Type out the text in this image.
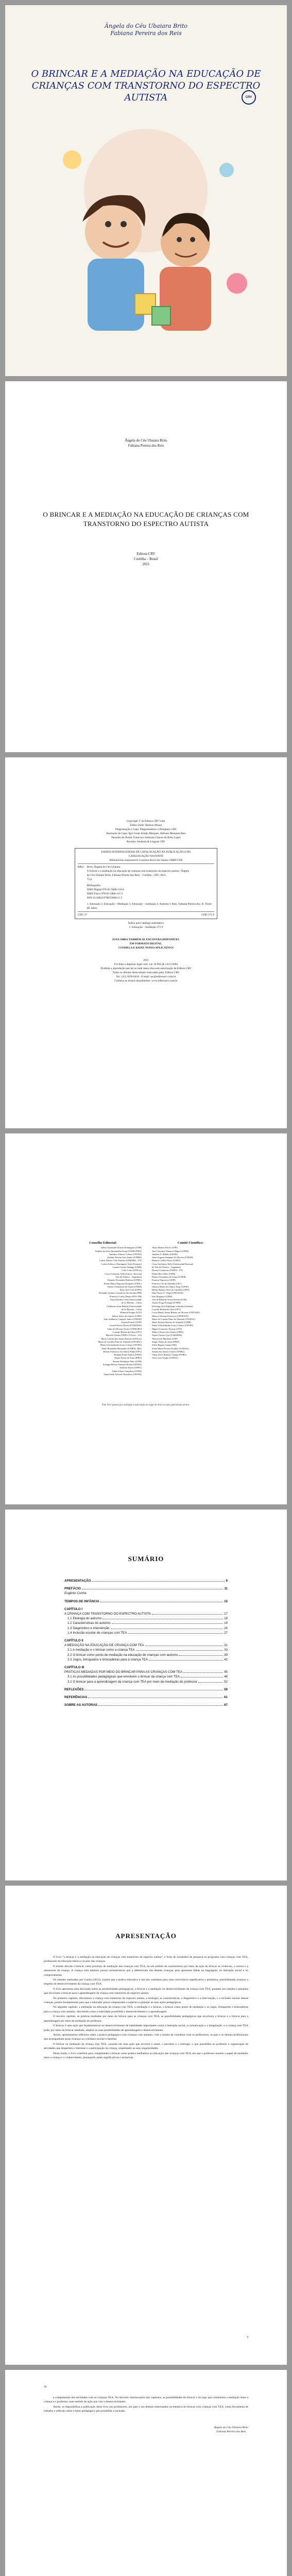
Ângela do Céu Ubaiara Brito
Fabiana Pereira dos Reis
O BRINCAR E A MEDIAÇÃO NA EDUCAÇÃO DE CRIANÇAS COM TRANSTORNO DO ESPECTRO AUTISTA	CRV
Ângela do Céu Ubaiara Brito
Fabiana Pereira dos Reis
O BRINCAR E A MEDIAÇÃO NA EDUCAÇÃO DE CRIANÇAS COM TRANSTORNO DO ESPECTRO AUTISTA
Editora CRV
Curitiba – Brasil
2021
Copyright © da Editora CRV Ltda.
Editor-chefe: Railson Moura
Diagramação e Capa: Diagramadores e Designers CRV
Ilustração da Capa: Igor Cesar Araújo Marques, Adriano Mesquita Reis
Desenho do Portal: Francisco Jarlisson Chaves de Brito Lopes
Revisão: Analista de Línguas CRV
DADOS INTERNACIONAIS DE CATALOGAÇÃO NA PUBLICAÇÃO (CIP)
CATALOGAÇÃO NA FONTE
Bibliotecária responsável: Luzenira Alves dos Santos CRB9/1506
B862 Brito, Ângela do Céu Ubaiara.
O brincar e a mediação na educação de crianças com transtorno do espectro autista / Ângela
do Céu Ubaiara Brito, Fabiana Pereira dos Reis – Curitiba : CRV, 2021.
72 p.
Bibliografia
ISBN Digital 978-65-5868-110-8
ISBN Físico 978-65-5868-111-5
DOI 10.24824/978655868111.5
1. Educação 2. Educação – Mediação 3. Educação – mediação 4. Autismo I. Reis, Fabiana Pereira dos. II. Título III. Série.
CDU 37	CDD 371.9
Índice para catálogo sistemático
1. Educação – mediação 371.9
ESTA OBRA TAMBÉM SE ENCONTRA DISPONÍVEL
EM FORMATO DIGITAL.
CONHEÇA E BAIXE NOSSO APLICATIVO!
2021
Foi feito o depósito legal conf. Lei 10.994 de 14/12/2004
Proibida a reprodução parcial ou total desta obra sem autorização da Editora CRV
Todos os direitos desta edição reservados pela: Editora CRV
Tel.: (41) 3039-6418 - E-mail: sac@editoracrv.com.br
Conheça os nossos lançamentos: www.editoracrv.com.br
Conselho Editorial:
Aldira Guimarães Duarte Domínguez (UNB)
Andréia da Silva Quintanilha Sousa (UNIR/UFRN)
Anselmo Alencar Colares (UFOPA)
Antônio Pereira Gaio Júnior (UFRRJ)
Carlos Alberto Vilar Estêvão (UMINHO – PT)
Carlos Federico Dominguez Avila (Unieuro)
Carmen Tereza Velanga (UNIR)
Celso Conti (UFSCar)
Cesar Gerônimo Tello (Univer .Nacional
Três de Febrero – Argentina)
Eduardo Fernandes Barbosa (UFMG)
Elione Maria Nogueira Diogenes (UFAL)
Elizeu Clementino de Souza (UNEB)
Élsio José Corá (UFFS)
Fernando Antônio Gonçalves Alcoforado (IPB)
Francisco Carlos Duarte (PUC-PR)
Gloria Fariñas León (Universidade
de La Havana – Cuba)
Guillermo Arias Beatón (Universidade
de La Havana – Cuba)
Helmuth Krüger (UCP)
Jailson Alves dos Santos (UFRJ)
João Adalberto Campato Junior (UNESP)
Josania Portela (UFPI)
Leonel Severo Rocha (UNISINOS)
Lídia de Oliveira Xavier (UNIEURO)
Lourdes Helena da Silva (UFV)
Marcelo Paixão (UFRJ e UTexas – US)
Maria Cristina dos Santos Bezerra (UFSCar)
Maria de Lourdes Pinto de Almeida (UNOESC)
Maria Lília Imbiriba Sousa Colares (UFOPA)
Paulo Romualdo Hernandes (UNIFAL-MG)
Renato Francisco dos Santos Paula (UFG)
Rodrigo Pratte-Santos (UFES)
Sérgio Nunes de Jesus (IFRO)
Simone Rodrigues Pinto (UNB)
Solange Helena Ximenes-Rocha (UFOPA)
Sydione Santos (UEPG)
Tadeu Oliver Gonçalves (UFPA)
Tania Suely Azevedo Brasileiro (UFOPA)
Comitê Científico:
Altair Alberto Fávero (UPF)
Ana Chrystina Venancio Mignot (UERJ)
Andréia N. Militão (UEMS)
Anna Augusta Sampaio de Oliveira (UNESP)
Barbara Coelho Neves (UFBA)
Cesar Gerônimo Tello (Universidad Nacional
de Três de Febrero – Argentina)
Diosnel Centurion (UNIDA – PY)
Eliane Rose Maio (UEM)
Elizeu Clementino de Souza (UNEB)
Fauston Negreiros (UFPI)
Francisco Ari de Andrade (UFC)
Gláucia Maria dos Santos Jorge (UFOP)
Helder Buenos Aires de Carvalho (UFPI)
Ilma Passos A. Veiga (UNICEUB)
Inês Bragança (UERJ)
José de Ribamar Sousa Pereira (UCB)
Jussara Fraga Portugal (UNEB)
Kilwangy Kya Kapitango-a-Samba (Unemat)
Lourdes Helena da Silva (UFV)
Lucia Marisy Souza Ribeiro de Oliveira (UNIVASF)
Marcos Vinicius Francisco (UNOESTE)
Maria de Lourdes Pinto de Almeida (UNOESC)
Maria Eurácia Barreto de Andrade (UFRB)
Maria Lília Imbiriba Sousa Colares (UFOPA)
Míguel Contreras Álvarez (UFT)
Mônica Pereira dos Santos (UFRJ)
Najela Tavares Ujie (UNESPAR)
Nilson José Machado (USP)
Sérgio Nunes de Jesus (IFRO)
Silvia Regina Canan (URI)
Sonia Maria Ferreira Koehler (UNISAL)
Suzana dos Santos Gomes (UFMG)
Vânia Alves Martins Chaigar (FURG)
Vera Lucia Gaspar (UDESC)
Este livro passou por avaliação e aprovação às cegas de dois ou mais pareceristas ad hoc.
SUMÁRIO
APRESENTAÇÃO	9
PREFÁCIO	11
Eugênio Cunha
TEMPOS DE INFÂNCIA	15
CAPÍTULO I
A CRIANÇA COM TRANSTORNO DO ESPECTRO AUTISTA	17
1.1 Etiologia do autismo	18
1.2 Características do autismo	19
1.3 Diagnóstico e intervenção	24
1.4 Inclusão escolar de crianças com TEA	27
CAPÍTULO II
A MEDIAÇÃO NA EDUCAÇÃO DE CRIANÇA COM TEA	31
2.1 A mediação e o brincar como a criança TEA	33
2.2 O brincar como ponto de mediação na educação de crianças com autismo	39
2.3 Jogos, brinquedos e brincadeiras para a criança TEA	42
CAPÍTULO III
PRÁTICAS MEDIADAS POR MEIO DO BRINCAR PARA AS CRIANÇAS COM TEA	45
3.1 As possibilidades pedagógicas que envolvem o brincar da criança com TEA	48
3.2 O brincar para a aprendizagem da criança com TEA por meio da mediação do professor	52
REFLEXÕES	59
REFERÊNCIAS	61
SOBRE AS AUTORAS	67
APRESENTAÇÃO

O livro “o brincar e a mediação na educação de crianças com transtorno do espectro autista”, é fruto de resultados de pesquisa no programa com crianças com TEA, professores da educação básica e os pais das crianças.

O estudo discute o brincar como processo de mediação das crianças com TEA, há um sentido de construirmos por meio da ação do brincar as vivências, o sorriso e a autonomia da criança. A criança com autismo possui características que a diferenciam das demais crianças, pois apresenta falhas na linguagem, na interação social e no comportamento.

Os estudos realizados por Cunha (2012), trazem que a prática educativa é um dos caminhos para uma convivência significativa e produtiva, possibilitando avanços a respeito do desenvolvimento da criança com TEA.

O livro apresenta uma discussão sobre as possibilidades pedagógicas, o brincar e a mediação no desenvolvimento da criança com TEA, pautado nos estudos e pesquisa que envolvem o brincar para a aprendizagem da criança com transtorno do espectro autista.

No primeiro capítulo, discutimos a criança com transtorno do espectro autista, a etiologia, as características, o diagnóstico e a intervenção, e a inclusão escolar dessas crianças, pontos fundamentais para que o educador possa compreender o espectro e planejar as suas ações pedagógicas.

No segundo capítulo, a mediação na educação da criança com TEA, a mediação e o brincar, o brincar como ponto de mediação e os jogos, brinquedos e brincadeiras para a criança com autismo, discutindo como a ludicidade possibilita o desenvolvimento e a aprendizagem.

O terceiro capítulo, as práticas mediadas por meio do brincar para as crianças com TEA, as possibilidades pedagógicas que envolvem o brincar e o brincar para a aprendizagem por meio da mediação do professor.

O brincar é uma ação que fundamenta-se no desenvolvimento de habilidades importantes como a interação social, a comunicação e a imaginação, e a criança com TEA pode, por meio do brincar mediado, ampliar as suas possibilidades de aprendizagem e desenvolvimento.

Assim, apresentamos reflexões sobre a prática pedagógica com crianças com autismo, com o intuito de contribuir com os professores, os pais e os demais profissionais que acompanham essas crianças no cotidiano escolar e familiar.

O brincar na mediação da criança com TEA, consiste em uma ação que envolve o sentir, o perceber e o interagir, o que possibilita ao professor a organização de atividades que despertem o interesse e a participação da criança, respeitando as suas singularidades.

Deste modo, o livro contribui para compreender o brincar como prática mediadora na educação das crianças com TEA, em que o professor assume o papel de mediador entre a criança e o conhecimento, planejando ações significativas e inclusivas.

9

a compreensão das atividades com as crianças TEA. No decorrer interlocuções dos capítulos, as possibilidades do brincar e do jogo que constituem a mediação entre a criança e o professor, num sentido de ação que vise o desenvolvimento.

Assim, se disponibiliza a publicação deste livro aos professores, aos pais e aos demais interessados na temática do brincar com crianças com TEA, como ferramenta de trabalho e reflexão sobre o fazer pedagógico que possibilite a inclusão.

Ângela do Céu Ubaiara Brito
Fabiana Pereira dos Reis
10
